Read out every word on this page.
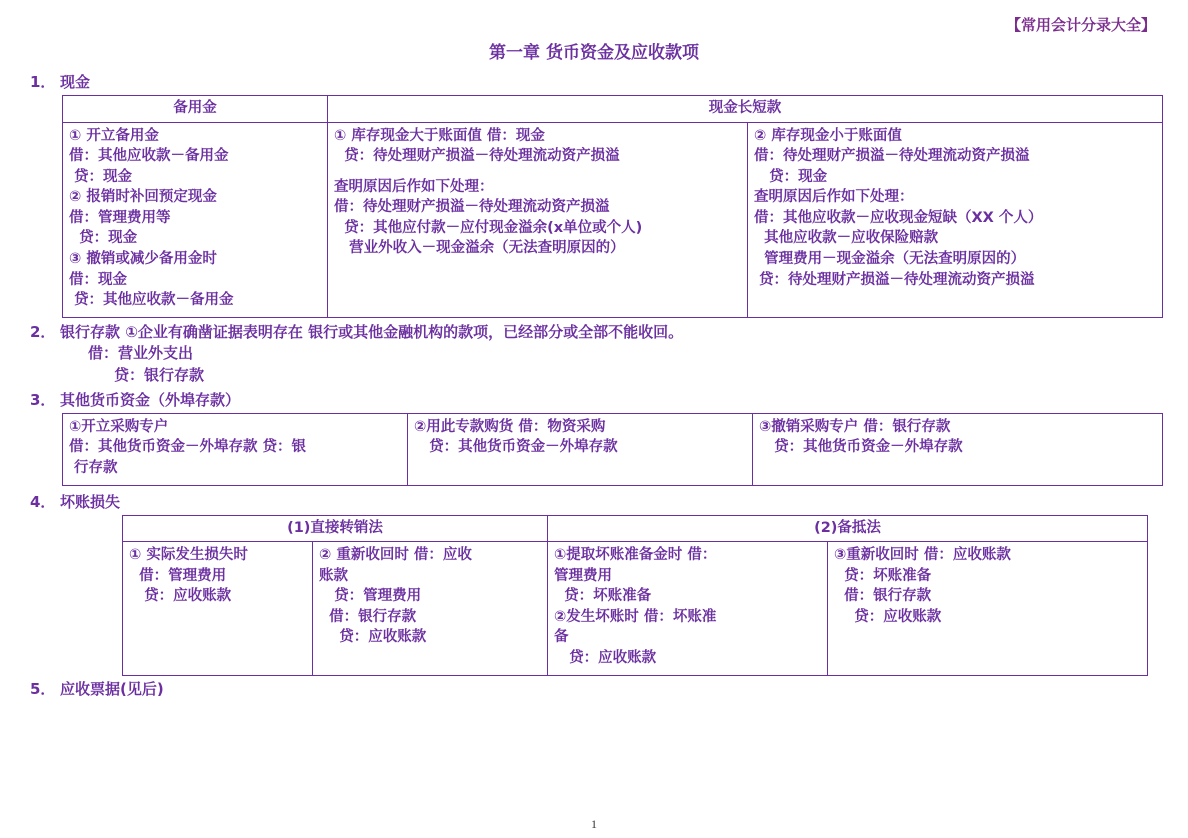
【常用会计分录大全】
第一章 货币资金及应收款项
1． 现金
备用金	现金长短款	

① 开立备用金
借：其他应收款－备用金
贷：现金
② 报销时补回预定现金
借：管理费用等
贷：现金
③ 撤销或减少备用金时
借：现金
贷：其他应收款－备用金

① 库存现金大于账面值 借：现金
贷：待处理财产损溢－待处理流动资产损溢
查明原因后作如下处理：
借：待处理财产损溢－待处理流动资产损溢
贷：其他应付款－应付现金溢余(ⅹ单位或个人)
营业外收入－现金溢余（无法查明原因的）

② 库存现金小于账面值
借：待处理财产损溢－待处理流动资产损溢
贷：现金
查明原因后作如下处理：
借：其他应收款－应收现金短缺（ⅩⅩ 个人）
其他应收款－应收保险赔款
管理费用－现金溢余（无法查明原因的）
贷：待处理财产损溢－待处理流动资产损溢
2． 银行存款 ①企业有确凿证据表明存在 银行或其他金融机构的款项，已经部分或全部不能收回。
借：营业外支出
贷：银行存款
3． 其他货币资金（外埠存款）
①开立采购专户
借：其他货币资金－外埠存款 贷：银
行存款

②用此专款购货 借：物资采购
贷：其他货币资金－外埠存款

③撤销采购专户 借：银行存款
贷：其他货币资金－外埠存款
4． 坏账损失
(1)直接转销法		(2)备抵法	

① 实际发生损失时
借：管理费用
贷：应收账款

② 重新收回时 借：应收
账款
贷：管理费用
借：银行存款
贷：应收账款

①提取坏账准备金时 借：
管理费用
贷：坏账准备
②发生坏账时 借：坏账准
备
贷：应收账款

③重新收回时 借：应收账款
贷：坏账准备
借：银行存款
贷：应收账款
5． 应收票据(见后)
1
